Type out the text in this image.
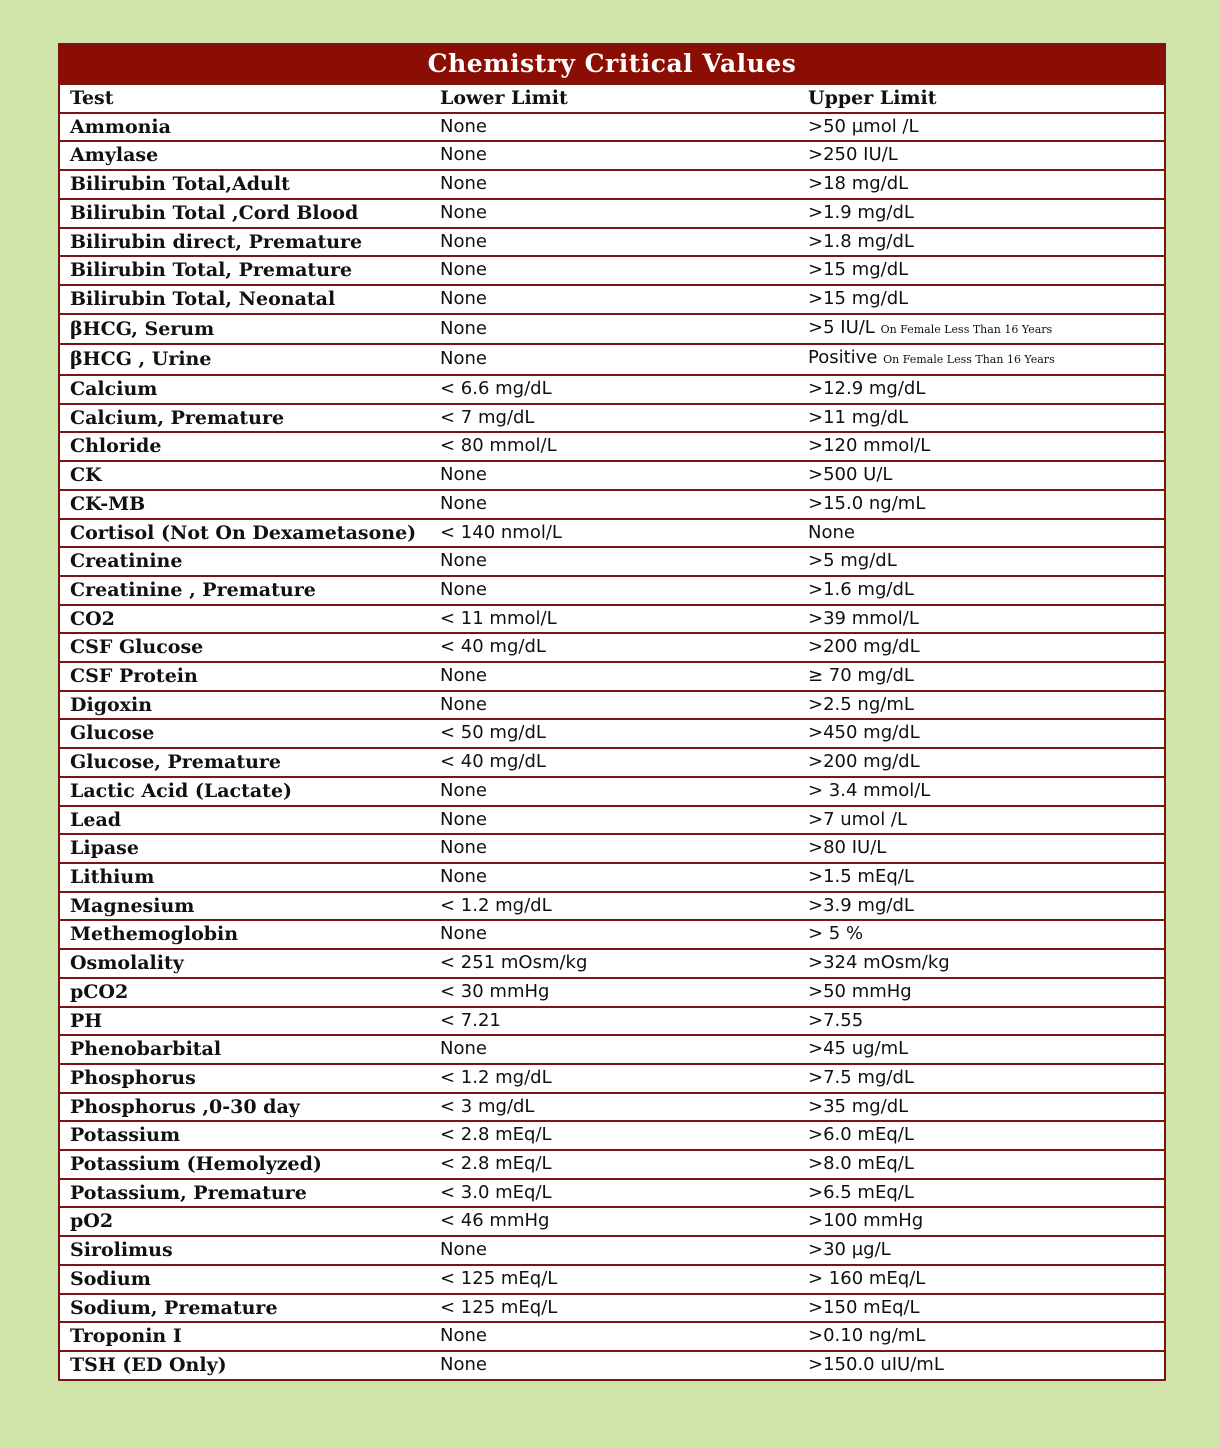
Chemistry Critical Values
Test	Lower Limit	Upper Limit
Ammonia	None	>50 µmol /L
Amylase	None	>250 IU/L
Bilirubin Total,Adult	None	>18 mg/dL
Bilirubin Total ,Cord Blood	None	>1.9 mg/dL
Bilirubin direct, Premature	None	>1.8 mg/dL
Bilirubin Total, Premature	None	>15 mg/dL
Bilirubin Total, Neonatal	None	>15 mg/dL
βHCG, Serum	None	>5 IU/L On Female Less Than 16 Years
βHCG , Urine	None	Positive On Female Less Than 16 Years
Calcium	< 6.6 mg/dL	>12.9 mg/dL
Calcium, Premature	< 7 mg/dL	>11 mg/dL
Chloride	< 80 mmol/L	>120 mmol/L
CK	None	>500 U/L
CK-MB	None	>15.0 ng/mL
Cortisol (Not On Dexametasone)	< 140 nmol/L	None
Creatinine	None	>5 mg/dL
Creatinine , Premature	None	>1.6 mg/dL
CO2	< 11 mmol/L	>39 mmol/L
CSF Glucose	< 40 mg/dL	>200 mg/dL
CSF Protein	None	≥ 70 mg/dL
Digoxin	None	>2.5 ng/mL
Glucose	< 50 mg/dL	>450 mg/dL
Glucose, Premature	< 40 mg/dL	>200 mg/dL
Lactic Acid (Lactate)	None	> 3.4 mmol/L
Lead	None	>7 umol /L
Lipase	None	>80 IU/L
Lithium	None	>1.5 mEq/L
Magnesium	< 1.2 mg/dL	>3.9 mg/dL
Methemoglobin	None	> 5 %
Osmolality	< 251 mOsm/kg	>324 mOsm/kg
pCO2	< 30 mmHg	>50 mmHg
PH	< 7.21	>7.55
Phenobarbital	None	>45 ug/mL
Phosphorus	< 1.2 mg/dL	>7.5 mg/dL
Phosphorus ,0-30 day	< 3 mg/dL	>35 mg/dL
Potassium	< 2.8 mEq/L	>6.0 mEq/L
Potassium (Hemolyzed)	< 2.8 mEq/L	>8.0 mEq/L
Potassium, Premature	< 3.0 mEq/L	>6.5 mEq/L
pO2	< 46 mmHg	>100 mmHg
Sirolimus	None	>30 µg/L
Sodium	< 125 mEq/L	> 160 mEq/L
Sodium, Premature	< 125 mEq/L	>150 mEq/L
Troponin I	None	>0.10 ng/mL
TSH (ED Only)	None	>150.0 uIU/mL
